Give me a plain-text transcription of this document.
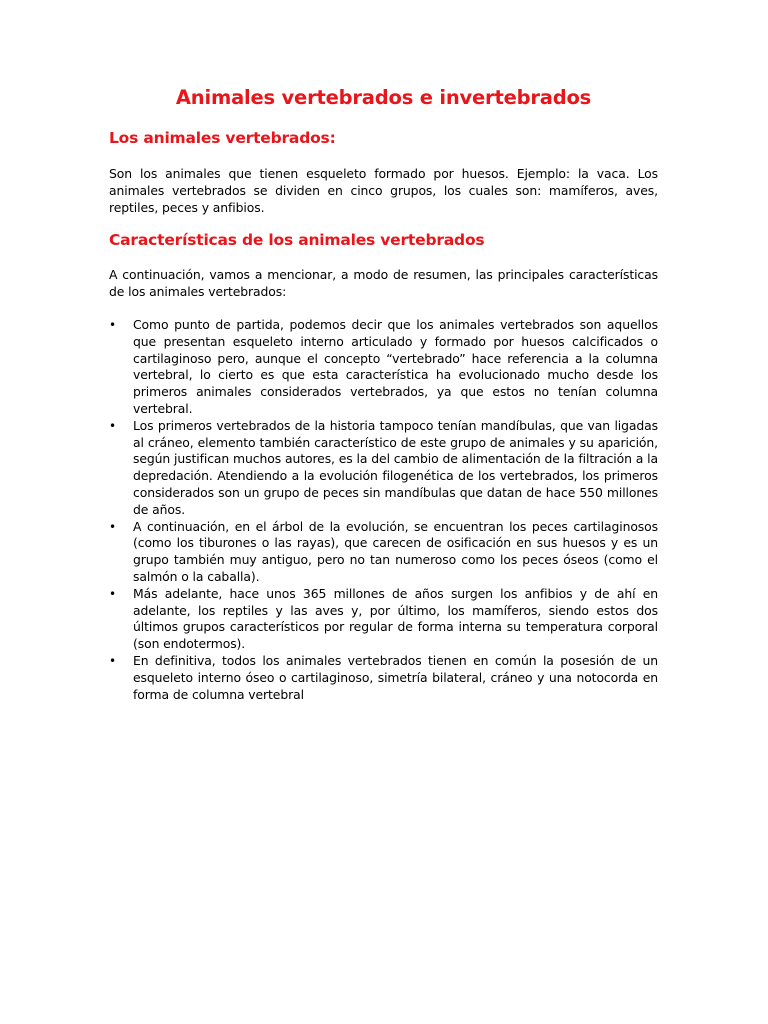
Animales vertebrados e invertebrados
Los animales vertebrados:

Son los animales que tienen esqueleto formado por huesos. Ejemplo: la vaca. Los animales vertebrados se dividen en cinco grupos, los cuales son: mamíferos, aves, reptiles, peces y anfibios.

Características de los animales vertebrados

A continuación, vamos a mencionar, a modo de resumen, las principales características de los animales vertebrados:

• Como punto de partida, podemos decir que los animales vertebrados son aquellos que presentan esqueleto interno articulado y formado por huesos calcificados o cartilaginoso pero, aunque el concepto “vertebrado” hace referencia a la columna vertebral, lo cierto es que esta característica ha evolucionado mucho desde los primeros animales considerados vertebrados, ya que estos no tenían columna vertebral.
• Los primeros vertebrados de la historia tampoco tenían mandíbulas, que van ligadas al cráneo, elemento también característico de este grupo de animales y su aparición, según justifican muchos autores, es la del cambio de alimentación de la filtración a la depredación. Atendiendo a la evolución filogenética de los vertebrados, los primeros considerados son un grupo de peces sin mandíbulas que datan de hace 550 millones de años.
• A continuación, en el árbol de la evolución, se encuentran los peces cartilaginosos (como los tiburones o las rayas), que carecen de osificación en sus huesos y es un grupo también muy antiguo, pero no tan numeroso como los peces óseos (como el salmón o la caballa).
• Más adelante, hace unos 365 millones de años surgen los anfibios y de ahí en adelante, los reptiles y las aves y, por último, los mamíferos, siendo estos dos últimos grupos característicos por regular de forma interna su temperatura corporal (son endotermos).
• En definitiva, todos los animales vertebrados tienen en común la posesión de un esqueleto interno óseo o cartilaginoso, simetría bilateral, cráneo y una notocorda en forma de columna vertebral
